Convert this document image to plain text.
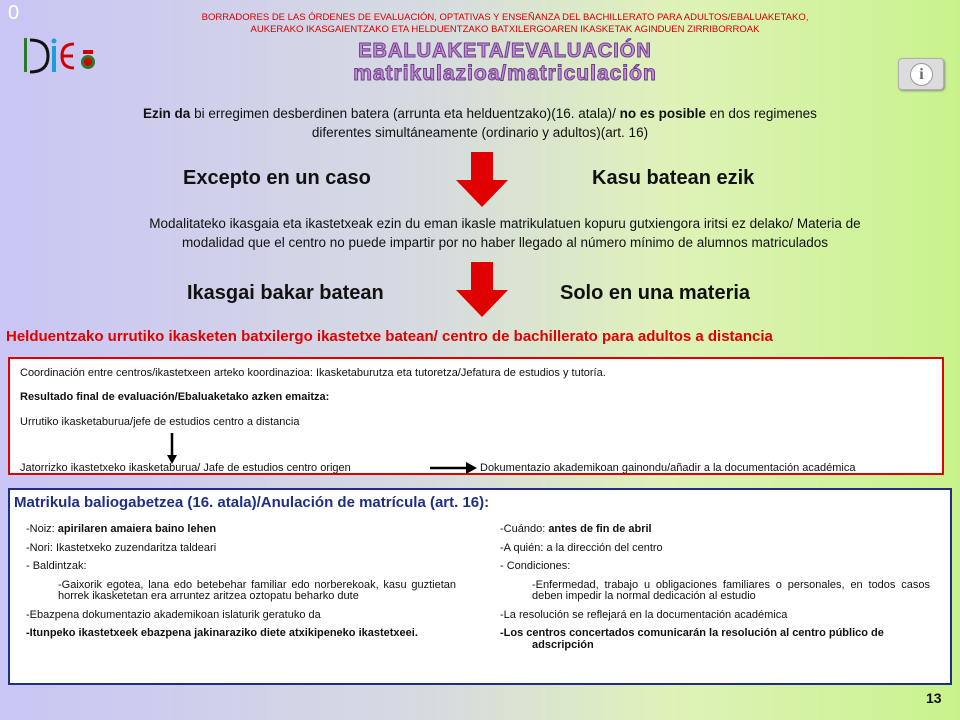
0	BORRADORES DE LAS ÓRDENES DE EVALUACIÓN, OPTATIVAS Y ENSEÑANZA DEL BACHILLERATO PARA ADULTOS/EBALUAKETAKO,
AUKERAKO IKASGAIENTZAKO ETA HELDUENTZAKO BATXILERGOAREN IKASKETAK AGINDUEN ZIRRIBORROAK
EBALUAKETA/EVALUACIÓN
matrikulazioa/matriculación	i
Ezin da bi erregimen desberdinen batera (arrunta eta helduentzako)(16. atala)/ no es posible en dos regimenes
diferentes simultáneamente (ordinario y adultos)(art. 16)
Excepto en un caso	Kasu batean ezik
Modalitateko ikasgaia eta ikastetxeak ezin du eman ikasle matrikulatuen kopuru gutxiengora iritsi ez delako/ Materia de
modalidad que el centro no puede impartir por no haber llegado al número mínimo de alumnos matriculados
Ikasgai bakar batean	Solo en una materia
Helduentzako urrutiko ikasketen batxilergo ikastetxe batean/ centro de bachillerato para adultos a distancia
Coordinación entre centros/ikastetxeen arteko koordinazioa: Ikasketaburutza eta tutoretza/Jefatura de estudios y tutoría.
Resultado final de evaluación/Ebaluaketako azken emaitza:
Urrutiko ikasketaburua/jefe de estudios centro a distancia
Jatorrizko ikastetxeko ikasketaburua/ Jafe de estudios centro origen	Dokumentazio akademikoan gainondu/añadir a la documentación académica
Matrikula baliogabetzea (16. atala)/Anulación de matrícula (art. 16):
-Noiz: apirilaren amaiera baino lehen
-Nori: Ikastetxeko zuzendaritza taldeari
- Baldintzak:
-Gaixorik egotea, lana edo betebehar familiar edo norberekoak, kasu guztietan horrek ikasketetan era arruntez aritzea oztopatu beharko dute
-Ebazpena dokumentazio akademikoan islaturik geratuko da
-Itunpeko ikastetxeek ebazpena jakinaraziko diete atxikipeneko ikastetxeei.
-Cuándo: antes de fin de abril
-A quién: a la dirección del centro
- Condiciones:
-Enfermedad, trabajo u obligaciones familiares o personales, en todos casos deben impedir la normal dedicación al estudio
-La resolución se reflejará en la documentación académica
-Los centros concertados comunicarán la resolución al centro público de adscripción
13
